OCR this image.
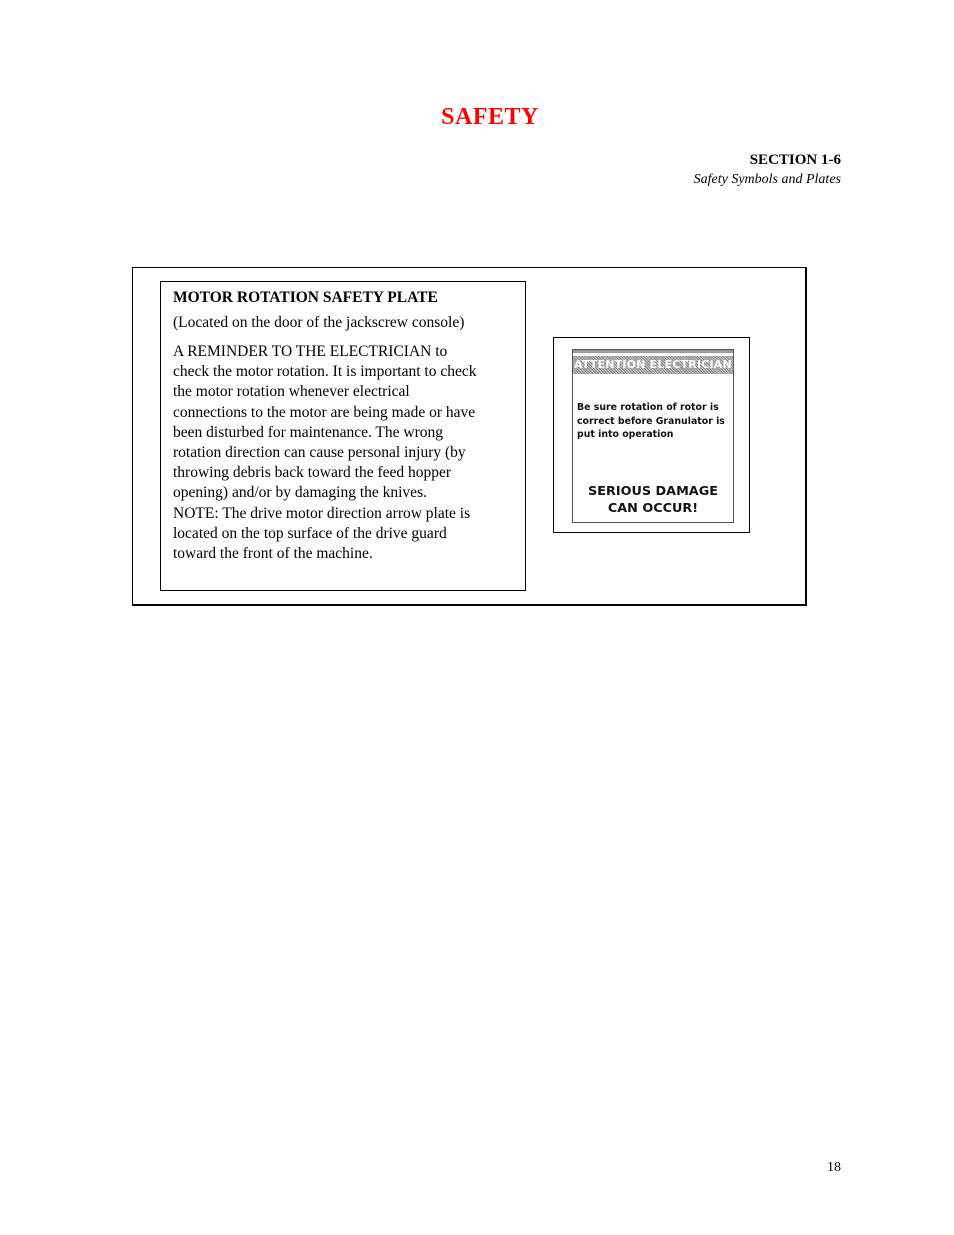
SAFETY
SECTION 1-6
Safety Symbols and Plates
MOTOR ROTATION SAFETY PLATE
(Located on the door of the jackscrew console)
A REMINDER TO THE ELECTRICIAN to
check the motor rotation. It is important to check
the motor rotation whenever electrical
connections to the motor are being made or have
been disturbed for maintenance. The wrong
rotation direction can cause personal injury (by
throwing debris back toward the feed hopper
opening) and/or by damaging the knives.
NOTE: The drive motor direction arrow plate is
located on the top surface of the drive guard
toward the front of the machine.
ATTENTION ELECTRICIAN
Be sure rotation of rotor is
correct before Granulator is
put into operation
SERIOUS DAMAGE
CAN OCCUR!
18
